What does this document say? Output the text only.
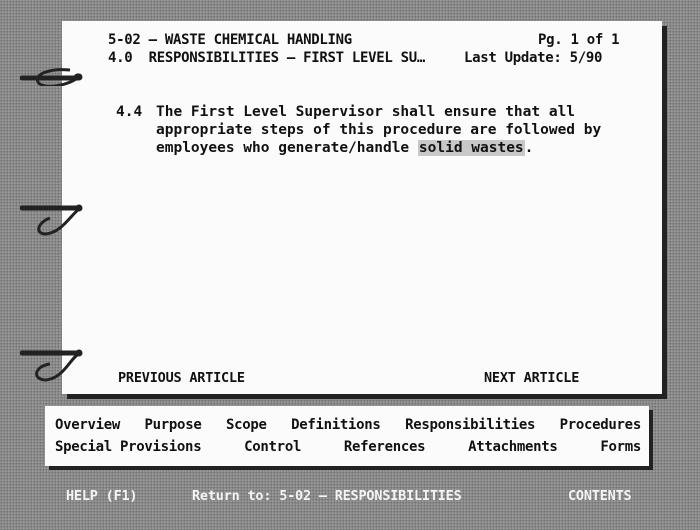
5-02 – WASTE CHEMICAL HANDLING	Pg. 1 of 1
4.0  RESPONSIBILITIES – FIRST LEVEL SU…	Last Update: 5/90
4.4 The First Level Supervisor shall ensure that all appropriate steps of this procedure are followed by employees who generate/handle solid wastes.
PREVIOUS ARTICLE	NEXT ARTICLE
Overview Purpose Scope Definitions Responsibilities Procedures
Special Provisions	Control	References	Attachments	Forms
HELP (F1)	Return to: 5-02 – RESPONSIBILITIES	CONTENTS
